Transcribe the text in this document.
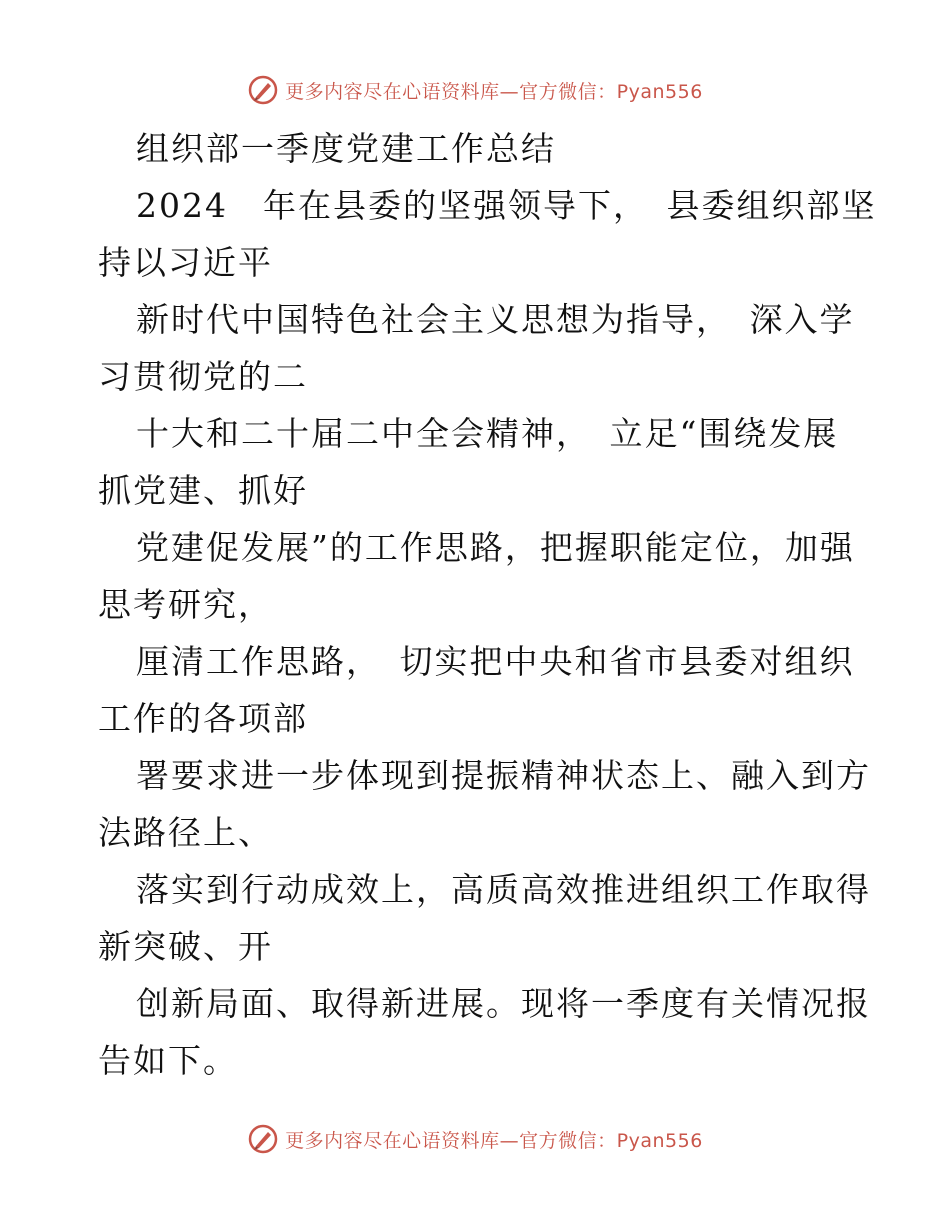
更多内容尽在心语资料库—官方微信：Pyan556
组织部一季度党建工作总结
2024　年在县委的坚强领导下，　县委组织部坚
持以习近平
新时代中国特色社会主义思想为指导，　深入学
习贯彻党的二
十大和二十届二中全会精神，　立足“围绕发展
抓党建、抓好
党建促发展”的工作思路，把握职能定位，加强
思考研究，
厘清工作思路，　切实把中央和省市县委对组织
工作的各项部
署要求进一步体现到提振精神状态上、融入到方
法路径上、
落实到行动成效上，高质高效推进组织工作取得
新突破、开
创新局面、取得新进展。现将一季度有关情况报
告如下。
更多内容尽在心语资料库—官方微信：Pyan556
